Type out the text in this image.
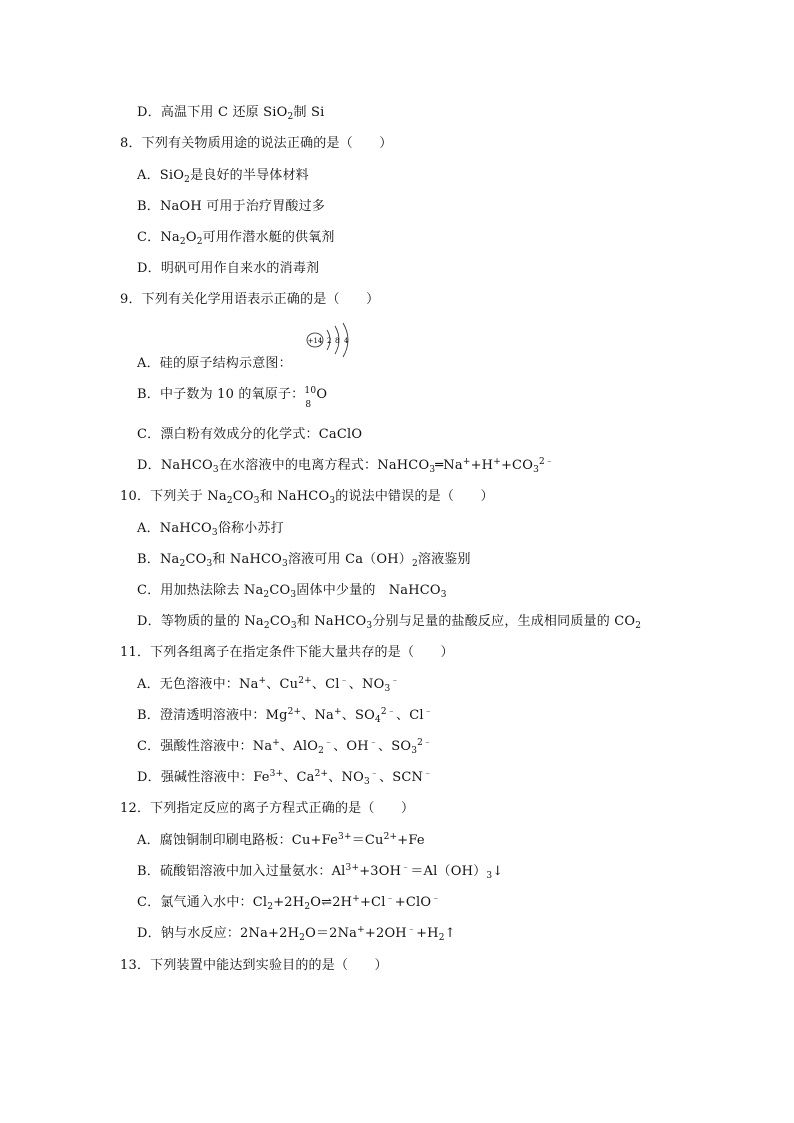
D．高温下用 C 还原 SiO$_2$制 Si
8．下列有关物质用途的说法正确的是（　　）
A．SiO$_2$是良好的半导体材料
B．NaOH 可用于治疗胃酸过多
C．$Na_2O_2$可用作潜水艇的供氧剂
D．明矾可用作自来水的消毒剂
9．下列有关化学用语表示正确的是（　　）
+14 2 8 4
A．硅的原子结构示意图：
B．中子数为 10 的氧原子： 10
8
O
C．漂白粉有效成分的化学式：CaClO
D．NaHCO$_3$在水溶液中的电离方程式：$NaHCO_3═Na^++H^++CO_3^{2﹣}$
10．下列关于 $Na_2CO_3$和 NaHCO$_3$的说法中错误的是（　　）
A．NaHCO$_3$俗称小苏打
B．$Na_2CO_3$和 NaHCO$_3$溶液可用 $Ca(OH)_2$溶液鉴别
C．用加热法除去 $Na_2CO_3$固体中少量的　NaHCO$_3$
D．等物质的量的 $Na_2CO_3$和 NaHCO$_3$分别与足量的盐酸反应，生成相同质量的 $CO_2$
11．下列各组离子在指定条件下能大量共存的是（　　）
A．无色溶液中：Na+、$Cu^{2+}$、Cl﹣、$NO_3^﹣$
B．澄清透明溶液中：$Mg^{2+}$、Na+、$SO_4^{2﹣}$、Cl﹣
C．强酸性溶液中：Na+、AlO$_2$﹣、OH﹣、$SO_3^{2﹣}$
D．强碱性溶液中：$Fe^{3+}$、$Ca^{2+}$、$NO_3^﹣$、SCN﹣
12．下列指定反应的离子方程式正确的是（　　）
A．腐蚀铜制印刷电路板：$Cu+Fe^{3+}=Cu^{2+}+Fe$
B．硫酸铝溶液中加入过量氨水：$Al^{3+}+3OH^﹣=Al(OH)_3↓$
C．氯气通入水中：$Cl_2+2H_2O\rightleftharpoons 2H^++Cl^﹣+ClO^﹣$
D．钠与水反应：$2Na+2H_2O=2Na^++2OH^﹣+H_2↑$
13．下列装置中能达到实验目的的是（　　）
